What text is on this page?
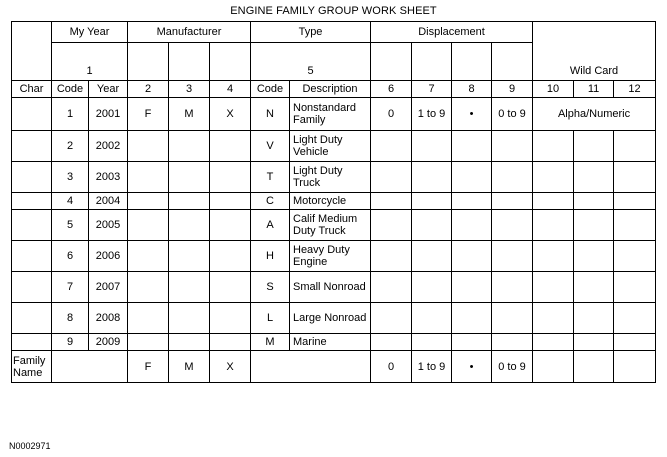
ENGINE FAMILY GROUP WORK SHEET
	My Year		Manufacturer			Type		Displacement						

	1					5						Wild Card		
Char	Code	Year	2	3	4	Code	Description	6	7	8	9	10	11	12
	1	2001	F	M	X	N	Nonstandard Family	0	1 to 9	•	0 to 9	Alpha/Numeric		
	2	2002				V	Light Duty Vehicle							
	3	2003				T	Light Duty Truck							
	4	2004				C	Motorcycle							
	5	2005				A	Calif Medium Duty Truck							
	6	2006				H	Heavy Duty Engine							
	7	2007				S	Small Nonroad							
	8	2008				L	Large Nonroad							
	9	2009				M	Marine							
Family Name			F	M	X			0	1 to 9	•	0 to 9			
N0002971
